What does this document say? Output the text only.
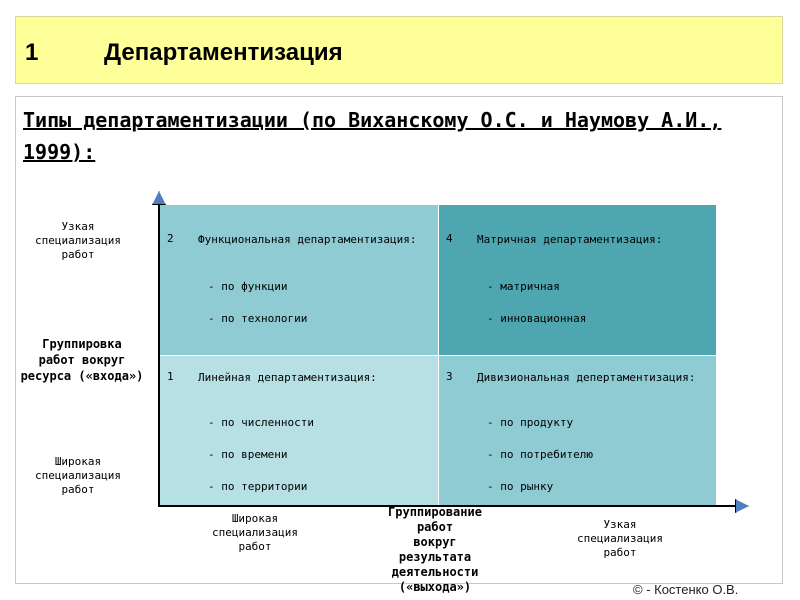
1	Департаментизация

Типы департаментизации (по Виханскому О.С. и Наумову А.И., 1999):

2 Функциональная департаментизация:
- по функции
- по технологии
4 Матричная департаментизация:
- матричная
- инновационная
1 Линейная департаментизация:
- по численности
- по времени
- по территории
3 Дивизиональная депертаментизация:
- по продукту
- по потребителю
- по рынку
Узкая
специализация
работ
Группировка
работ вокруг
ресурса («входа»)
Широкая
специализация
работ
Широкая
специализация
работ
Группирование
работ
вокруг
результата
деятельности
(«выхода»)
Узкая
специализация
работ
© - Костенко О.В.
